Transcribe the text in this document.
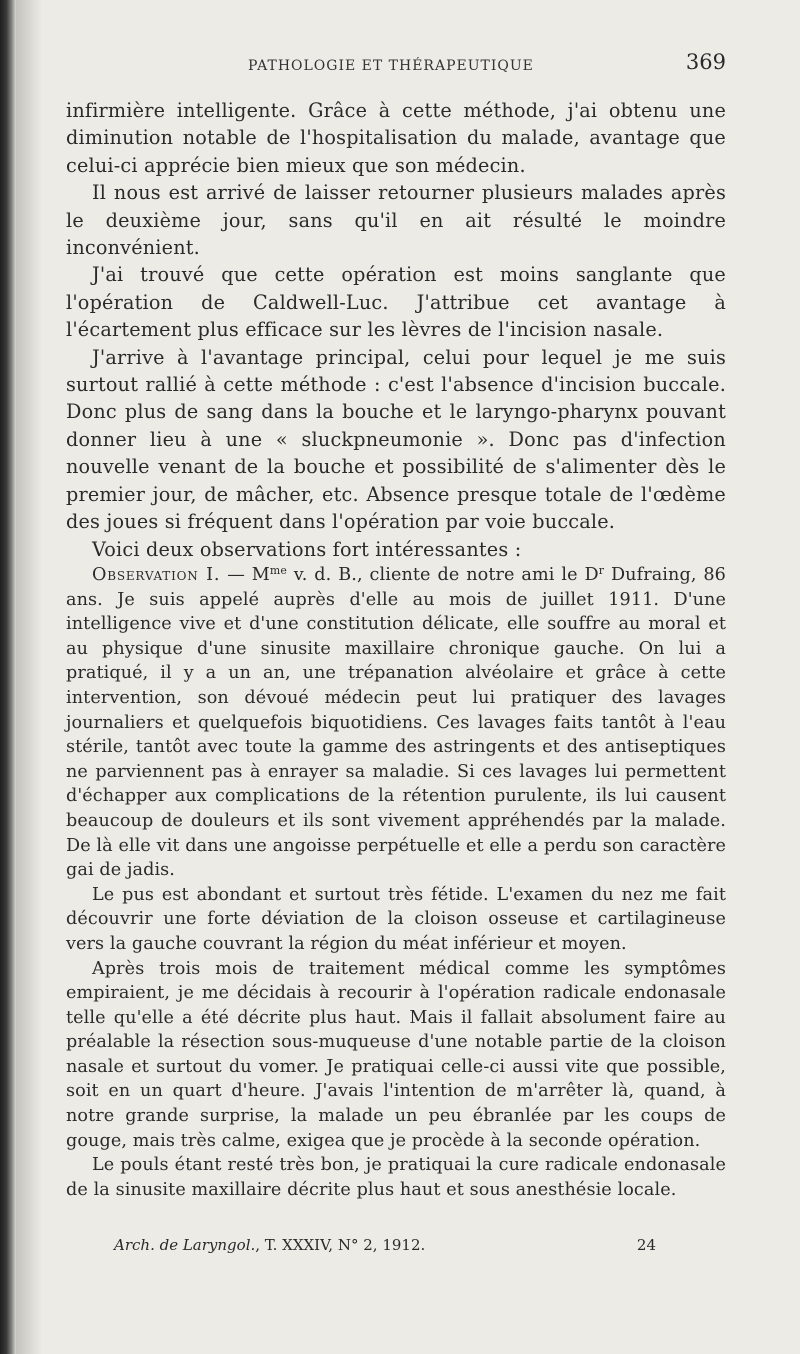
PATHOLOGIE ET THÉRAPEUTIQUE	369

infirmière intelligente. Grâce à cette méthode, j'ai obtenu une diminution notable de l'hospitalisation du malade, avantage que celui-ci apprécie bien mieux que son médecin.

Il nous est arrivé de laisser retourner plusieurs malades après le deuxième jour, sans qu'il en ait résulté le moindre inconvénient.

J'ai trouvé que cette opération est moins sanglante que l'opération de Caldwell-Luc. J'attribue cet avantage à l'écartement plus efficace sur les lèvres de l'incision nasale.

J'arrive à l'avantage principal, celui pour lequel je me suis surtout rallié à cette méthode : c'est l'absence d'incision buccale. Donc plus de sang dans la bouche et le laryngo-pharynx pouvant donner lieu à une « sluckpneumonie ». Donc pas d'infection nouvelle venant de la bouche et possibilité de s'alimenter dès le premier jour, de mâcher, etc. Absence presque totale de l'œdème des joues si fréquent dans l'opération par voie buccale.

Voici deux observations fort intéressantes :

Observation I. — $M^{me}$ v. d. B., cliente de notre ami le $D^r$ Dufraing, 86 ans. Je suis appelé auprès d'elle au mois de juillet 1911. D'une intelligence vive et d'une constitution délicate, elle souffre au moral et au physique d'une sinusite maxillaire chronique gauche. On lui a pratiqué, il y a un an, une trépanation alvéolaire et grâce à cette intervention, son dévoué médecin peut lui pratiquer des lavages journaliers et quelquefois biquotidiens. Ces lavages faits tantôt à l'eau stérile, tantôt avec toute la gamme des astringents et des antiseptiques ne parviennent pas à enrayer sa maladie. Si ces lavages lui permettent d'échapper aux complications de la rétention purulente, ils lui causent beaucoup de douleurs et ils sont vivement appréhendés par la malade. De là elle vit dans une angoisse perpétuelle et elle a perdu son caractère gai de jadis.

Le pus est abondant et surtout très fétide. L'examen du nez me fait découvrir une forte déviation de la cloison osseuse et cartilagineuse vers la gauche couvrant la région du méat inférieur et moyen.

Après trois mois de traitement médical comme les symptômes empiraient, je me décidais à recourir à l'opération radicale endonasale telle qu'elle a été décrite plus haut. Mais il fallait absolument faire au préalable la résection sous-muqueuse d'une notable partie de la cloison nasale et surtout du vomer. Je pratiquai celle-ci aussi vite que possible, soit en un quart d'heure. J'avais l'intention de m'arrêter là, quand, à notre grande surprise, la malade un peu ébranlée par les coups de gouge, mais très calme, exigea que je procède à la seconde opération.

Le pouls étant resté très bon, je pratiquai la cure radicale endonasale de la sinusite maxillaire décrite plus haut et sous anesthésie locale.

Arch. de Laryngol., T. XXXIV, N° 2, 1912.	24
